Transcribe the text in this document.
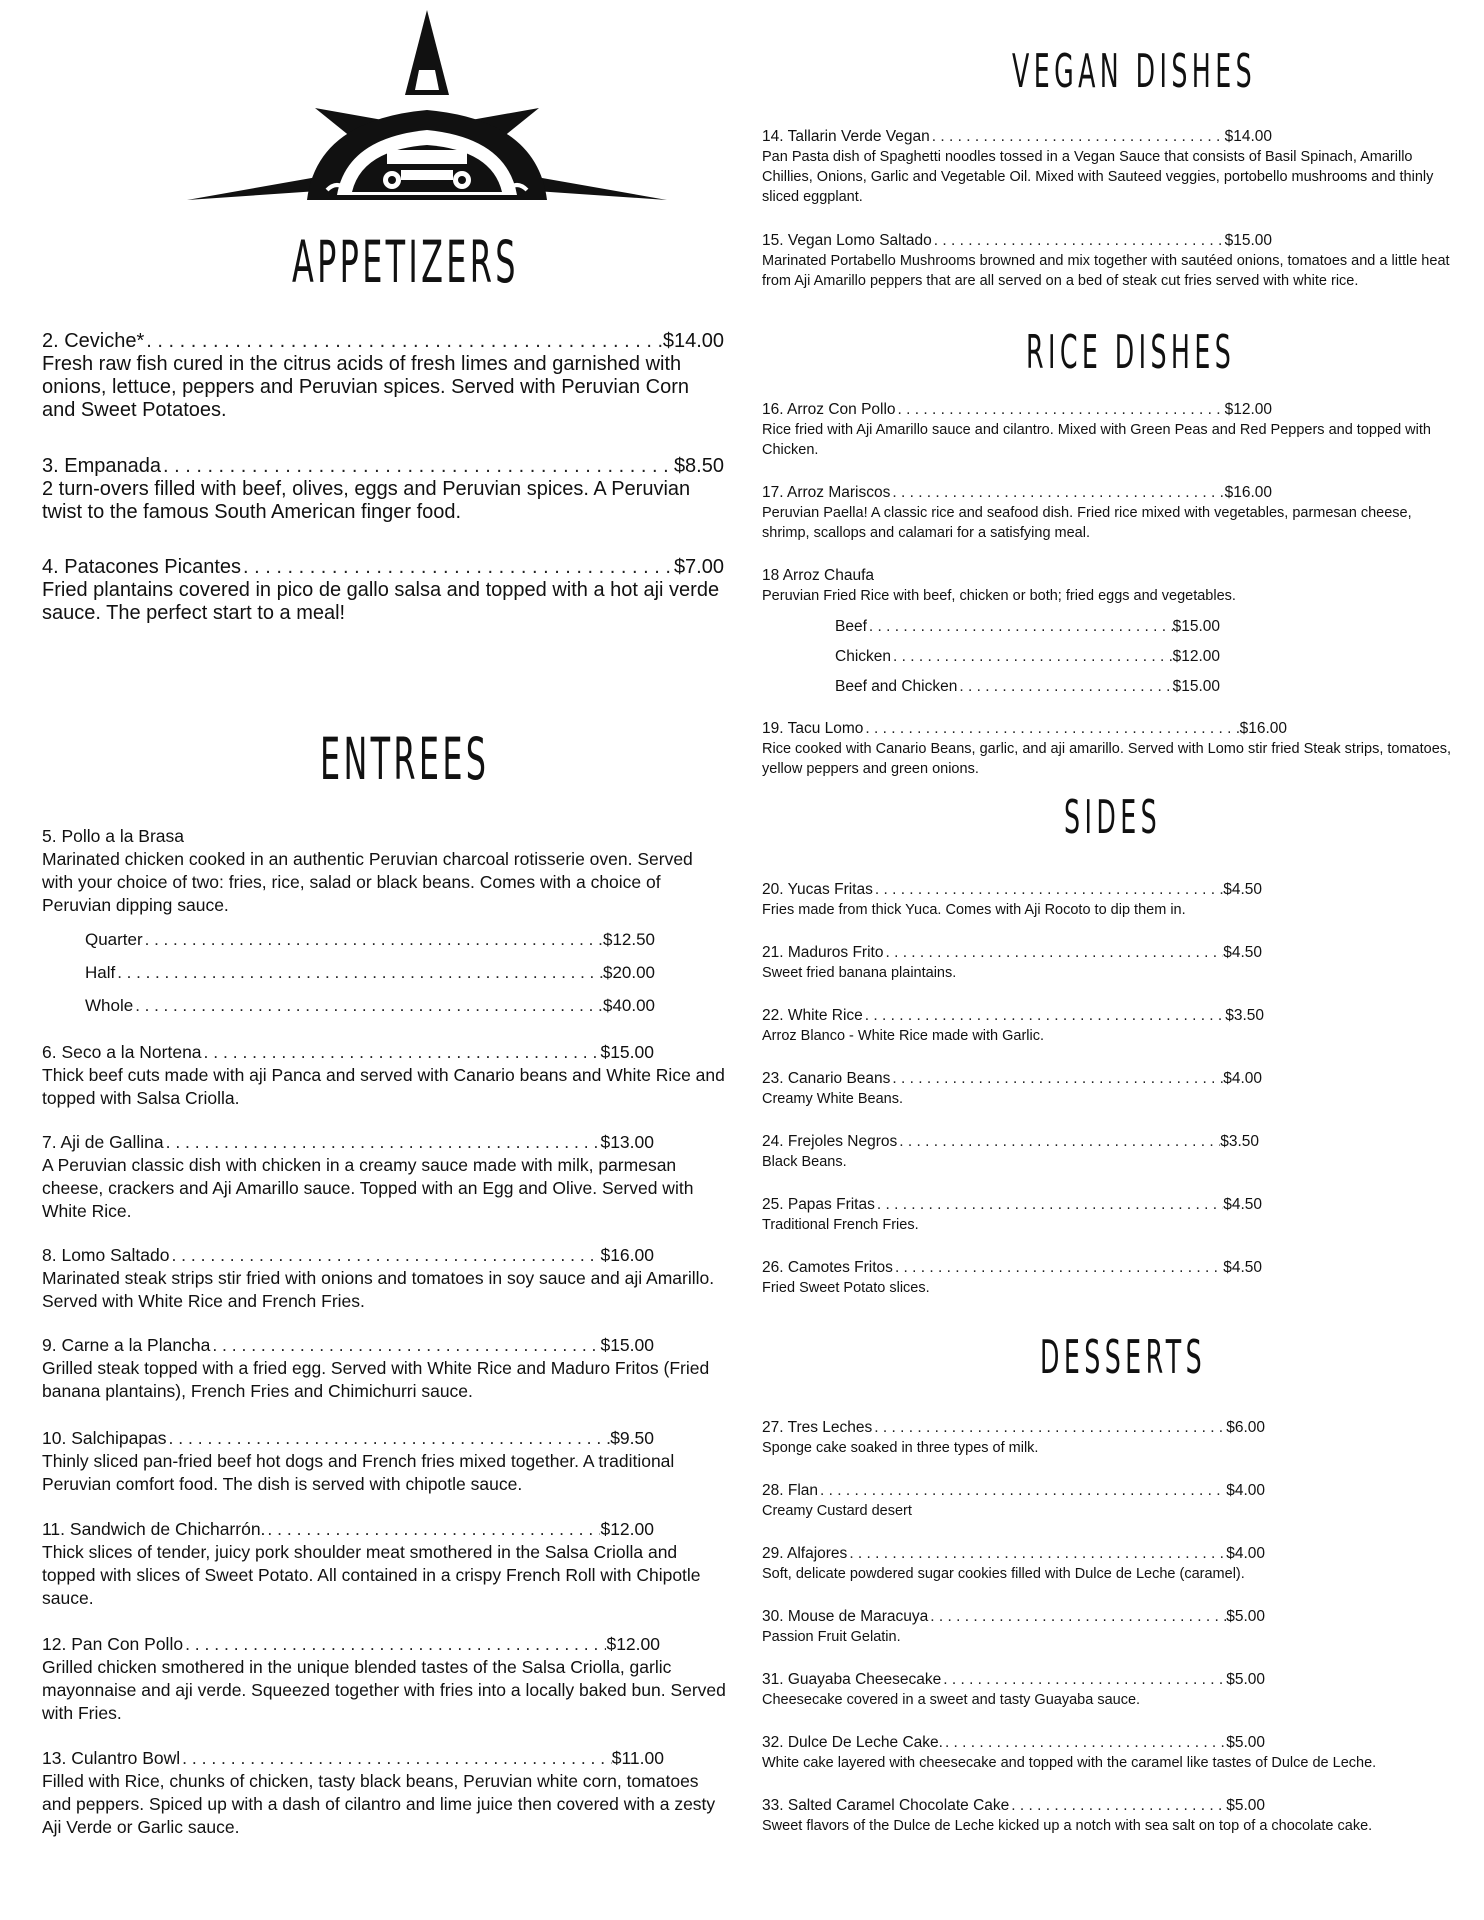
APPETIZERS
2. Ceviche* . . .	$14.00

Fresh raw fish cured in the citrus acids of fresh limes and garnished with onions, lettuce, peppers and Peruvian spices. Served with Peruvian Corn and Sweet Potatoes.

3. Empanada . . .	$8.50

2 turn-overs filled with beef, olives, eggs and Peruvian spices. A Peruvian twist to the famous South American finger food.

4. Patacones Picantes . . .	$7.00

Fried plantains covered in pico de gallo salsa and topped with a hot aji verde sauce. The perfect start to a meal!

ENTREES
5. Pollo a la Brasa

Marinated chicken cooked in an authentic Peruvian charcoal rotisserie oven. Served with your choice of two: fries, rice, salad or black beans. Comes with a choice of Peruvian dipping sauce.

Quarter . . .	$12.50
Half . . .	$20.00
Whole . . .	$40.00
6. Seco a la Nortena . . .	$15.00

Thick beef cuts made with aji Panca and served with Canario beans and White Rice and topped with Salsa Criolla.

7. Aji de Gallina . . .	$13.00

A Peruvian classic dish with chicken in a creamy sauce made with milk, parmesan cheese, crackers and Aji Amarillo sauce. Topped with an Egg and Olive. Served with White Rice.

8. Lomo Saltado . . .	$16.00

Marinated steak strips stir fried with onions and tomatoes in soy sauce and aji Amarillo. Served with White Rice and French Fries.

9. Carne a la Plancha . . .	$15.00

Grilled steak topped with a fried egg. Served with White Rice and Maduro Fritos (Fried banana plantains), French Fries and Chimichurri sauce.

10. Salchipapas . . .	$9.50

Thinly sliced pan-fried beef hot dogs and French fries mixed together. A traditional Peruvian comfort food. The dish is served with chipotle sauce.

11. Sandwich de Chicharrón. . . .	$12.00

Thick slices of tender, juicy pork shoulder meat smothered in the Salsa Criolla and topped with slices of Sweet Potato. All contained in a crispy French Roll with Chipotle sauce.

12. Pan Con Pollo . . .	$12.00

Grilled chicken smothered in the unique blended tastes of the Salsa Criolla, garlic mayonnaise and aji verde. Squeezed together with fries into a locally baked bun. Served with Fries.

13. Culantro Bowl . . .	$11.00

Filled with Rice, chunks of chicken, tasty black beans, Peruvian white corn, tomatoes and peppers. Spiced up with a dash of cilantro and lime juice then covered with a zesty Aji Verde or Garlic sauce.

VEGAN DISHES
14. Tallarin Verde Vegan . . .	$14.00

Pan Pasta dish of Spaghetti noodles tossed in a Vegan Sauce that consists of Basil Spinach, Amarillo Chillies, Onions, Garlic and Vegetable Oil. Mixed with Sauteed veggies, portobello mushrooms and thinly sliced eggplant.

15. Vegan Lomo Saltado . . .	$15.00

Marinated Portabello Mushrooms browned and mix together with sautéed onions, tomatoes and a little heat from Aji Amarillo peppers that are all served on a bed of steak cut fries served with white rice.

RICE DISHES
16. Arroz Con Pollo . . .	$12.00

Rice fried with Aji Amarillo sauce and cilantro. Mixed with Green Peas and Red Peppers and topped with Chicken.

17. Arroz Mariscos . . .	$16.00

Peruvian Paella! A classic rice and seafood dish. Fried rice mixed with vegetables, parmesan cheese, shrimp, scallops and calamari for a satisfying meal.

18 Arroz Chaufa

Peruvian Fried Rice with beef, chicken or both; fried eggs and vegetables.

Beef . . .	$15.00
Chicken . . .	$12.00
Beef and Chicken . . .	$15.00
19. Tacu Lomo . . .	$16.00

Rice cooked with Canario Beans, garlic, and aji amarillo. Served with Lomo stir fried Steak strips, tomatoes, yellow peppers and green onions.

SIDES
20. Yucas Fritas . . .	$4.50

Fries made from thick Yuca. Comes with Aji Rocoto to dip them in.

21. Maduros Frito . . .	$4.50

Sweet fried banana plaintains.

22. White Rice . . .	$3.50

Arroz Blanco - White Rice made with Garlic.

23. Canario Beans . . .	$4.00

Creamy White Beans.

24. Frejoles Negros . . .	$3.50

Black Beans.

25. Papas Fritas . . .	$4.50

Traditional French Fries.

26. Camotes Fritos . . .	$4.50

Fried Sweet Potato slices.

DESSERTS
27. Tres Leches . . .	$6.00

Sponge cake soaked in three types of milk.

28. Flan . . .	$4.00

Creamy Custard desert

29. Alfajores . . .	$4.00

Soft, delicate powdered sugar cookies filled with Dulce de Leche (caramel).

30. Mouse de Maracuya . . .	$5.00

Passion Fruit Gelatin.

31. Guayaba Cheesecake . . .	$5.00

Cheesecake covered in a sweet and tasty Guayaba sauce.

32. Dulce De Leche Cake. . . .	$5.00

White cake layered with cheesecake and topped with the caramel like tastes of Dulce de Leche.

33. Salted Caramel Chocolate Cake . . .	$5.00

Sweet flavors of the Dulce de Leche kicked up a notch with sea salt on top of a chocolate cake.
